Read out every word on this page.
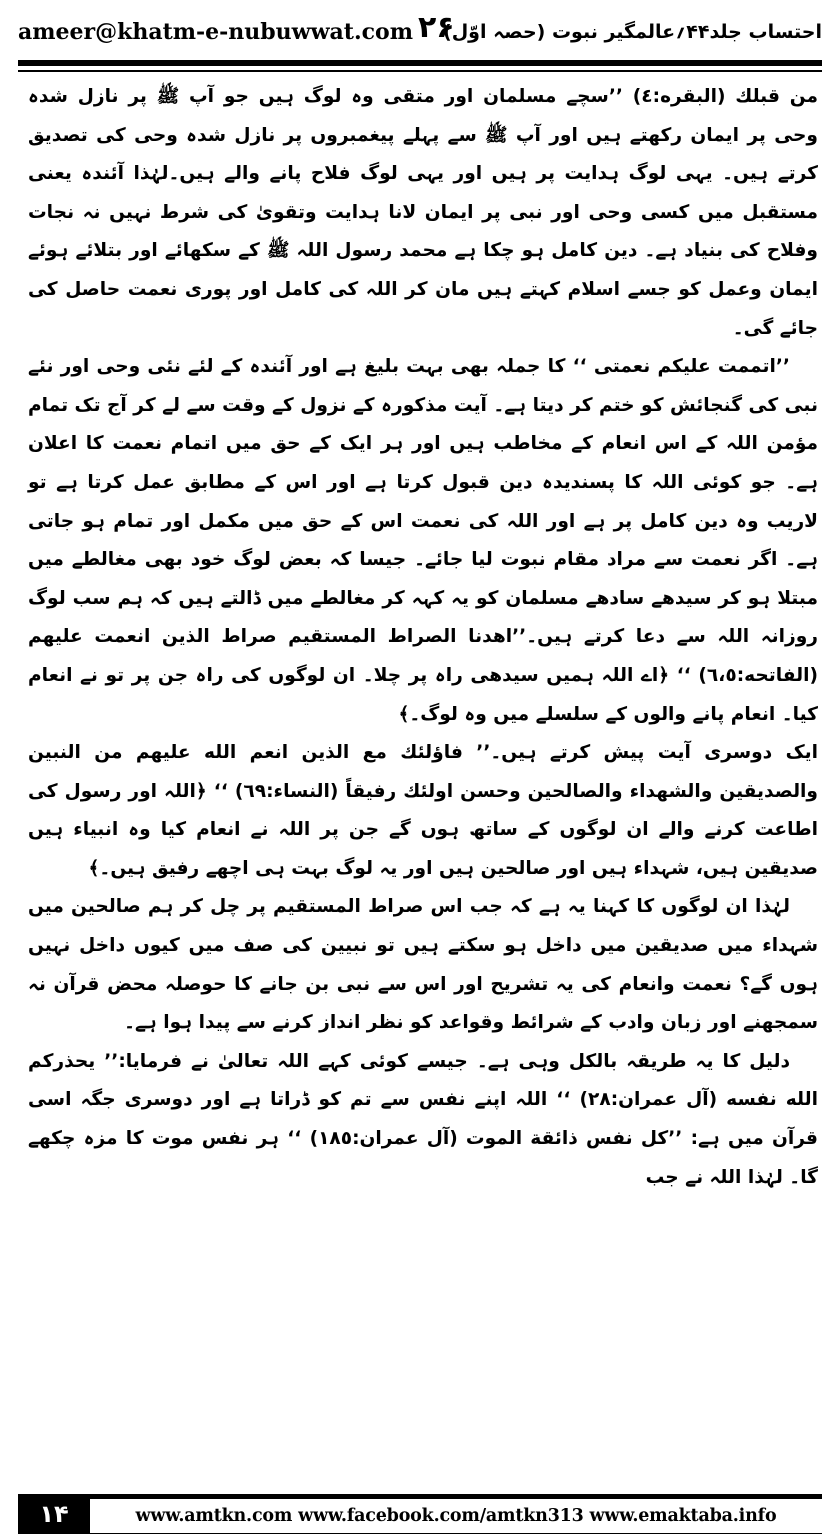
ameer@khatm-e-nubuwwat.com ۲۶
احتساب جلد۴۴؍عالمگیر نبوت (حصہ اوّل)

من قبلك (البقره:٤) ’’سچے مسلمان اور متقی وہ لوگ ہیں جو آپ ﷺ پر نازل شدہ وحی پر ایمان رکھتے ہیں اور آپ ﷺ سے پہلے پیغمبروں پر نازل شدہ وحی کی تصدیق کرتے ہیں۔ یہی لوگ ہدایت پر ہیں اور یہی لوگ فلاح پانے والے ہیں۔لہٰذا آئندہ یعنی مستقبل میں کسی وحی اور نبی پر ایمان لانا ہدایت وتقویٰ کی شرط نہیں نہ نجات وفلاح کی بنیاد ہے۔ دین کامل ہو چکا ہے محمد رسول اللہ ﷺ کے سکھائے اور بتلائے ہوئے ایمان وعمل کو جسے اسلام کہتے ہیں مان کر اللہ کی کامل اور پوری نعمت حاصل کی جائے گی۔

’’اتممت عليكم نعمتی ‘‘ کا جملہ بھی بہت بلیغ ہے اور آئندہ کے لئے نئی وحی اور نئے نبی کی گنجائش کو ختم کر دیتا ہے۔ آیت مذکورہ کے نزول کے وقت سے لے کر آج تک تمام مؤمن اللہ کے اس انعام کے مخاطب ہیں اور ہر ایک کے حق میں اتمام نعمت کا اعلان ہے۔ جو کوئی اللہ کا پسندیدہ دین قبول کرتا ہے اور اس کے مطابق عمل کرتا ہے تو لاریب وہ دین کامل پر ہے اور اللہ کی نعمت اس کے حق میں مکمل اور تمام ہو جاتی ہے۔ اگر نعمت سے مراد مقام نبوت لیا جائے۔ جیسا کہ بعض لوگ خود بھی مغالطے میں مبتلا ہو کر سیدھے سادھے مسلمان کو یہ کہہ کر مغالطے میں ڈالتے ہیں کہ ہم سب لوگ روزانہ اللہ سے دعا کرتے ہیں۔’’اهدنا الصراط المستقيم صراط الذين انعمت عليهم (الفاتحه:٦،٥) ‘‘ ﴿اے اللہ ہمیں سیدھی راہ پر چلا۔ ان لوگوں کی راہ جن پر تو نے انعام کیا۔ انعام پانے والوں کے سلسلے میں وہ لوگ۔﴾

ایک دوسری آیت پیش کرتے ہیں۔’’ فاؤلئك مع الذين انعم الله عليهم من النبين والصديقين والشهداء والصالحين وحسن اولئك رفيقاً (النساء:٦٩) ‘‘ ﴿اللہ اور رسول کی اطاعت کرنے والے ان لوگوں کے ساتھ ہوں گے جن پر اللہ نے انعام کیا وہ انبیاء ہیں صدیقین ہیں، شہداء ہیں اور صالحین ہیں اور یہ لوگ بہت ہی اچھے رفیق ہیں۔﴾

لہٰذا ان لوگوں کا کہنا یہ ہے کہ جب اس صراط المستقیم پر چل کر ہم صالحین میں شہداء میں صدیقین میں داخل ہو سکتے ہیں تو نبیین کی صف میں کیوں داخل نہیں ہوں گے؟ نعمت وانعام کی یہ تشریح اور اس سے نبی بن جانے کا حوصلہ محض قرآن نہ سمجھنے اور زبان وادب کے شرائط وقواعد کو نظر انداز کرنے سے پیدا ہوا ہے۔

دلیل کا یہ طریقہ بالکل وہی ہے۔ جیسے کوئی کہے اللہ تعالیٰ نے فرمایا:’’ يحذركم الله نفسه (آل عمران:٢٨) ‘‘ اللہ اپنے نفس سے تم کو ڈراتا ہے اور دوسری جگہ اسی قرآن میں ہے: ’’كل نفس ذائقة الموت (آل عمران:١٨٥) ‘‘ ہر نفس موت کا مزہ چکھے گا۔ لہٰذا اللہ نے جب

۱۴	www.amtkn.com www.facebook.com/amtkn313 www.emaktaba.info
